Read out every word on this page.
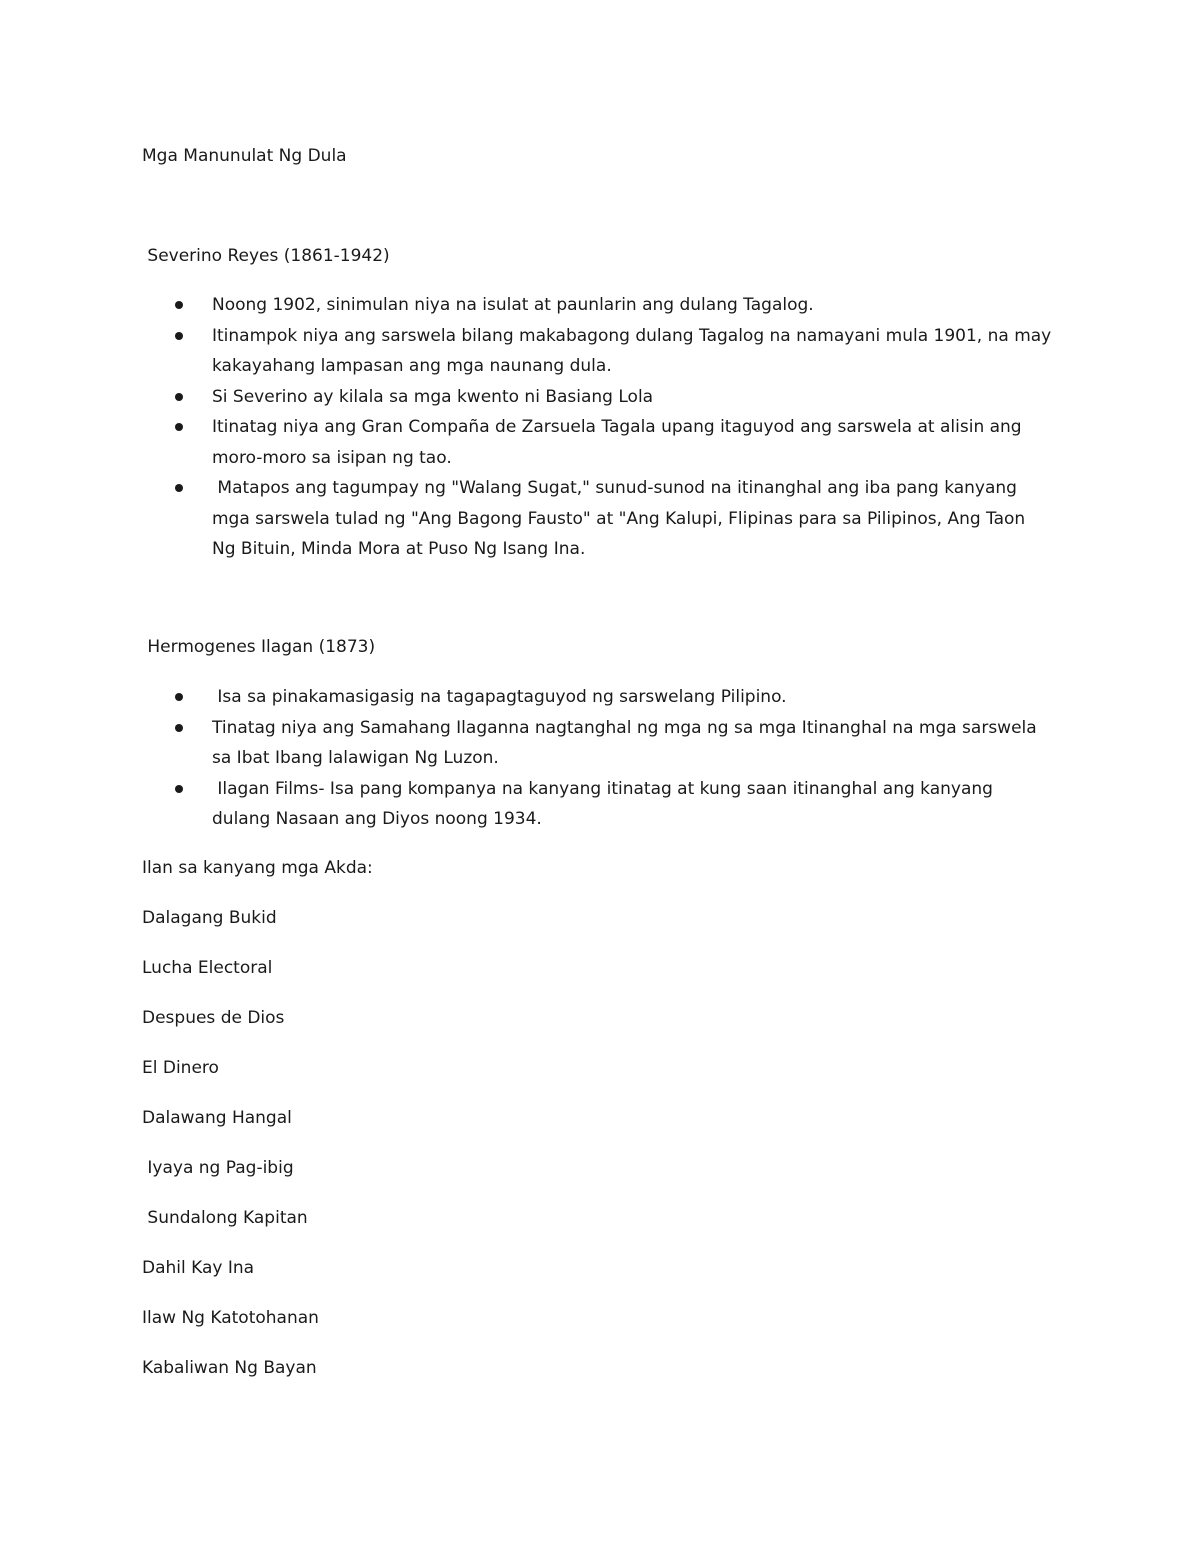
Mga Manunulat Ng Dula
Severino Reyes (1861-1942)
Noong 1902, sinimulan niya na isulat at paunlarin ang dulang Tagalog.
Itinampok niya ang sarswela bilang makabagong dulang Tagalog na namayani mula 1901, na may kakayahang lampasan ang mga naunang dula.
Si Severino ay kilala sa mga kwento ni Basiang Lola
Itinatag niya ang Gran Compaña de Zarsuela Tagala upang itaguyod ang sarswela at alisin ang moro-moro sa isipan ng tao.
Matapos ang tagumpay ng "Walang Sugat," sunud-sunod na itinanghal ang iba pang kanyang mga sarswela tulad ng "Ang Bagong Fausto" at "Ang Kalupi, Flipinas para sa Pilipinos, Ang Taon Ng Bituin, Minda Mora at Puso Ng Isang Ina.
Hermogenes Ilagan (1873)
Isa sa pinakamasigasig na tagapagtaguyod ng sarswelang Pilipino.
Tinatag niya ang Samahang Ilaganna nagtanghal ng mga ng sa mga Itinanghal na mga sarswela sa Ibat Ibang lalawigan Ng Luzon.
Ilagan Films- Isa pang kompanya na kanyang itinatag at kung saan itinanghal ang kanyang dulang Nasaan ang Diyos noong 1934.
Ilan sa kanyang mga Akda:
Dalagang Bukid
Lucha Electoral
Despues de Dios
El Dinero
Dalawang Hangal
Iyaya ng Pag-ibig
Sundalong Kapitan
Dahil Kay Ina
Ilaw Ng Katotohanan
Kabaliwan Ng Bayan
